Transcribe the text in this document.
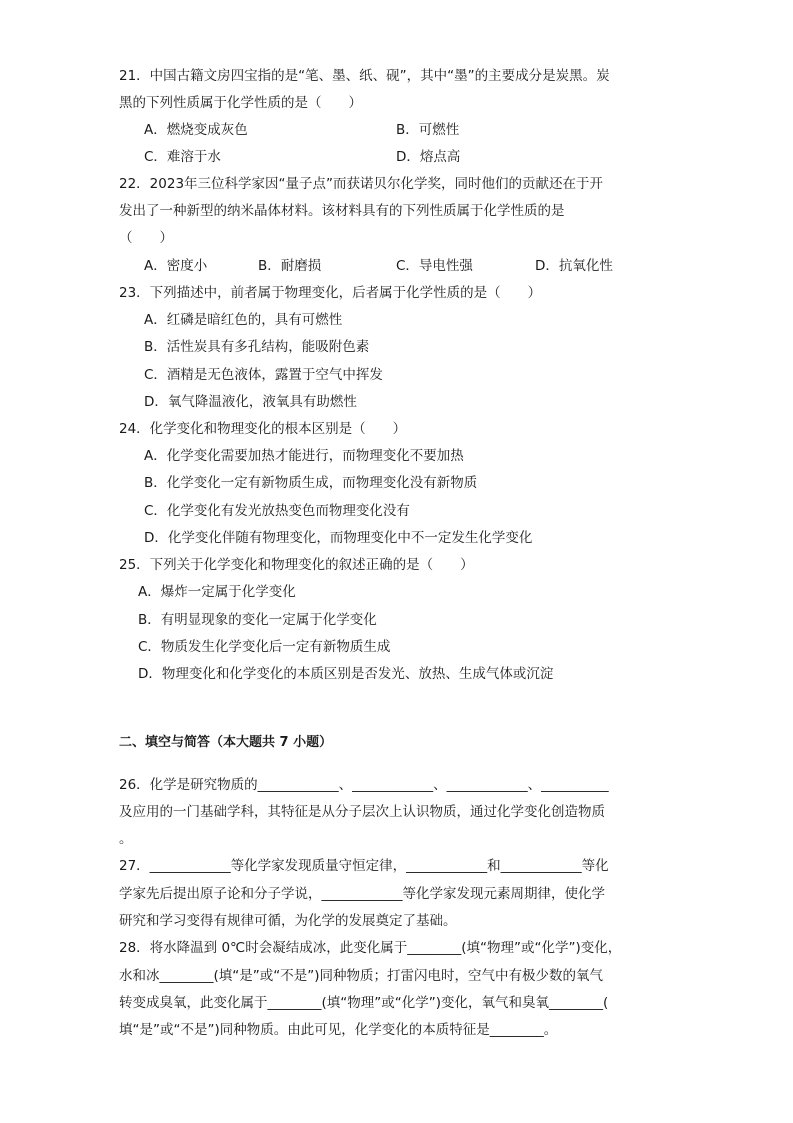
21．中国古籍文房四宝指的是“笔、墨、纸、砚”，其中“墨”的主要成分是炭黑。炭
黑的下列性质属于化学性质的是（　　）
A．燃烧变成灰色	B．可燃性
C．难溶于水	D．熔点高
22．2023年三位科学家因“量子点”而获诺贝尔化学奖，同时他们的贡献还在于开
发出了一种新型的纳米晶体材料。该材料具有的下列性质属于化学性质的是
（　　）
A．密度小	B．耐磨损	C．导电性强	D．抗氧化性
23．下列描述中，前者属于物理变化，后者属于化学性质的是（　　）
A．红磷是暗红色的，具有可燃性
B．活性炭具有多孔结构，能吸附色素
C．酒精是无色液体，露置于空气中挥发
D．氧气降温液化，液氧具有助燃性
24．化学变化和物理变化的根本区别是（　　）
A．化学变化需要加热才能进行，而物理变化不要加热
B．化学变化一定有新物质生成，而物理变化没有新物质
C．化学变化有发光放热变色而物理变化没有
D．化学变化伴随有物理变化，而物理变化中不一定发生化学变化
25．下列关于化学变化和物理变化的叙述正确的是（　　）
A．爆炸一定属于化学变化
B．有明显现象的变化一定属于化学变化
C．物质发生化学变化后一定有新物质生成
D．物理变化和化学变化的本质区别是否发光、放热、生成气体或沉淀
二、填空与简答（本大题共 7 小题）
26．化学是研究物质的____________、____________、____________、__________
及应用的一门基础学科，其特征是从分子层次上认识物质，通过化学变化创造物质
。
27．____________等化学家发现质量守恒定律，____________和____________等化
学家先后提出原子论和分子学说，____________等化学家发现元素周期律，使化学
研究和学习变得有规律可循，为化学的发展奠定了基础。
28．将水降温到 0℃时会凝结成冰，此变化属于________(填“物理”或“化学”)变化，
水和冰________(填“是”或“不是”)同种物质；打雷闪电时，空气中有极少数的氧气
转变成臭氧，此变化属于________(填“物理”或“化学”)变化，氧气和臭氧________(
填“是”或“不是”)同种物质。由此可见，化学变化的本质特征是________。
